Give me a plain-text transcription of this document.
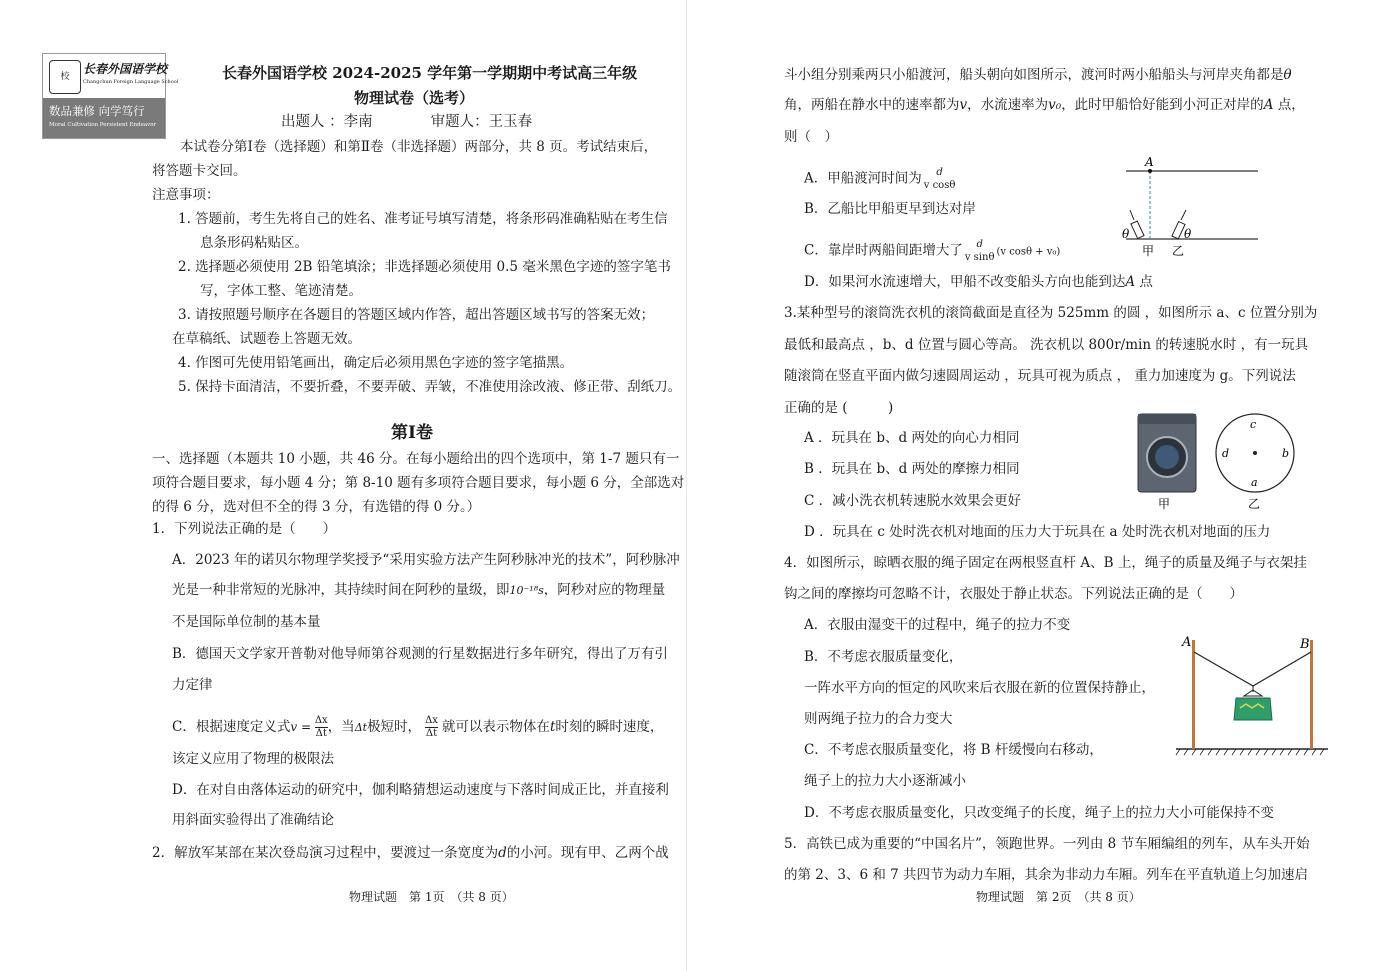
校
长春外国语学校
Changchun Foreign Language School
数品兼修 向学笃行
Moral Cultivation Persistent Endeavor
长春外国语学校 2024-2025 学年第一学期期中考试高三年级
物理试卷（选考）
出题人 ：李南　　　　审题人：王玉春
本试卷分第Ⅰ卷（选择题）和第Ⅱ卷（非选择题）两部分，共 8 页。考试结束后，
将答题卡交回。
注意事项：
1. 答题前，考生先将自己的姓名、准考证号填写清楚，将条形码准确粘贴在考生信
息条形码粘贴区。
2. 选择题必须使用 2B 铅笔填涂；非选择题必须使用 0.5 毫米黑色字迹的签字笔书
写，字体工整、笔迹清楚。
3. 请按照题号顺序在各题目的答题区域内作答，超出答题区域书写的答案无效；
在草稿纸、试题卷上答题无效。
4. 作图可先使用铅笔画出，确定后必须用黑色字迹的签字笔描黑。
5. 保持卡面清洁，不要折叠，不要弄破、弄皱，不准使用涂改液、修正带、刮纸刀。
第Ⅰ卷
一、选择题（本题共 10 小题，共 46 分。在每小题给出的四个选项中，第 1-7 题只有一
项符合题目要求，每小题 4 分；第 8-10 题有多项符合题目要求，每小题 6 分，全部选对
的得 6 分，选对但不全的得 3 分，有选错的得 0 分。）
1．下列说法正确的是（　　）
A．2023 年的诺贝尔物理学奖授予“采用实验方法产生阿秒脉冲光的技术”，阿秒脉冲
光是一种非常短的光脉冲，其持续时间在阿秒的量级，即10⁻¹⁸s，阿秒对应的物理量
不是国际单位制的基本量
B．德国天文学家开普勒对他导师第谷观测的行星数据进行多年研究，得出了万有引
力定律
C．根据速度定义式$v = \frac{\Delta x}{\Delta t}$ ，当Δt极短时， $\frac{\Delta x}{\Delta t}$ 就可以表示物体在t时刻的瞬时速度，
该定义应用了物理的极限法
D．在对自由落体运动的研究中，伽利略猜想运动速度与下落时间成正比，并直接利
用斜面实验得出了准确结论
2．解放军某部在某次登岛演习过程中，要渡过一条宽度为d的小河。现有甲、乙两个战
物理试题　第 1页　（共 8 页）
斗小组分别乘两只小船渡河，船头朝向如图所示，渡河时两小船船头与河岸夹角都是θ
角，两船在静水中的速率都为v，水流速率为v₀，此时甲船恰好能到小河正对岸的A 点，
则（　）
A．甲船渡河时间为	d
v cosθ
B．乙船比甲船更早到达对岸
C．靠岸时两船间距增大了	d
v sinθ (v cosθ + v₀)
D．如果河水流速增大，甲船不改变船头方向也能到达A 点
A
θ	θ
甲 乙
3.某种型号的滚筒洗衣机的滚筒截面是直径为 525mm 的圆 ，如图所示 a、c 位置分别为
最低和最高点 ，b、d 位置与圆心等高。 洗衣机以 800r/min 的转速脱水时 ，有一玩具
随滚筒在竖直平面内做匀速圆周运动 ，玩具可视为质点 ， 重力加速度为 g。下列说法
正确的是 (　　　)
A ．玩具在 b、d 两处的向心力相同
B ．玩具在 b、d 两处的摩擦力相同
C ．减小洗衣机转速脱水效果会更好
D ．玩具在 c 处时洗衣机对地面的压力大于玩具在 a 处时洗衣机对地面的压力
甲
c
d	b
a
乙
4．如图所示，晾晒衣服的绳子固定在两根竖直杆 A、B 上，绳子的质量及绳子与衣架挂
钩之间的摩擦均可忽略不计，衣服处于静止状态。下列说法正确的是（　　）
A．衣服由湿变干的过程中，绳子的拉力不变
B．不考虑衣服质量变化，
一阵水平方向的恒定的风吹来后衣服在新的位置保持静止，
则两绳子拉力的合力变大
C．不考虑衣服质量变化，将 B 杆缓慢向右移动，
绳子上的拉力大小逐渐减小
D．不考虑衣服质量变化，只改变绳子的长度，绳子上的拉力大小可能保持不变
A	B
5．高铁已成为重要的“中国名片”，领跑世界。一列由 8 节车厢编组的列车，从车头开始
的第 2、3、6 和 7 共四节为动力车厢，其余为非动力车厢。列车在平直轨道上匀加速启
物理试题　第 2页　（共 8 页）
